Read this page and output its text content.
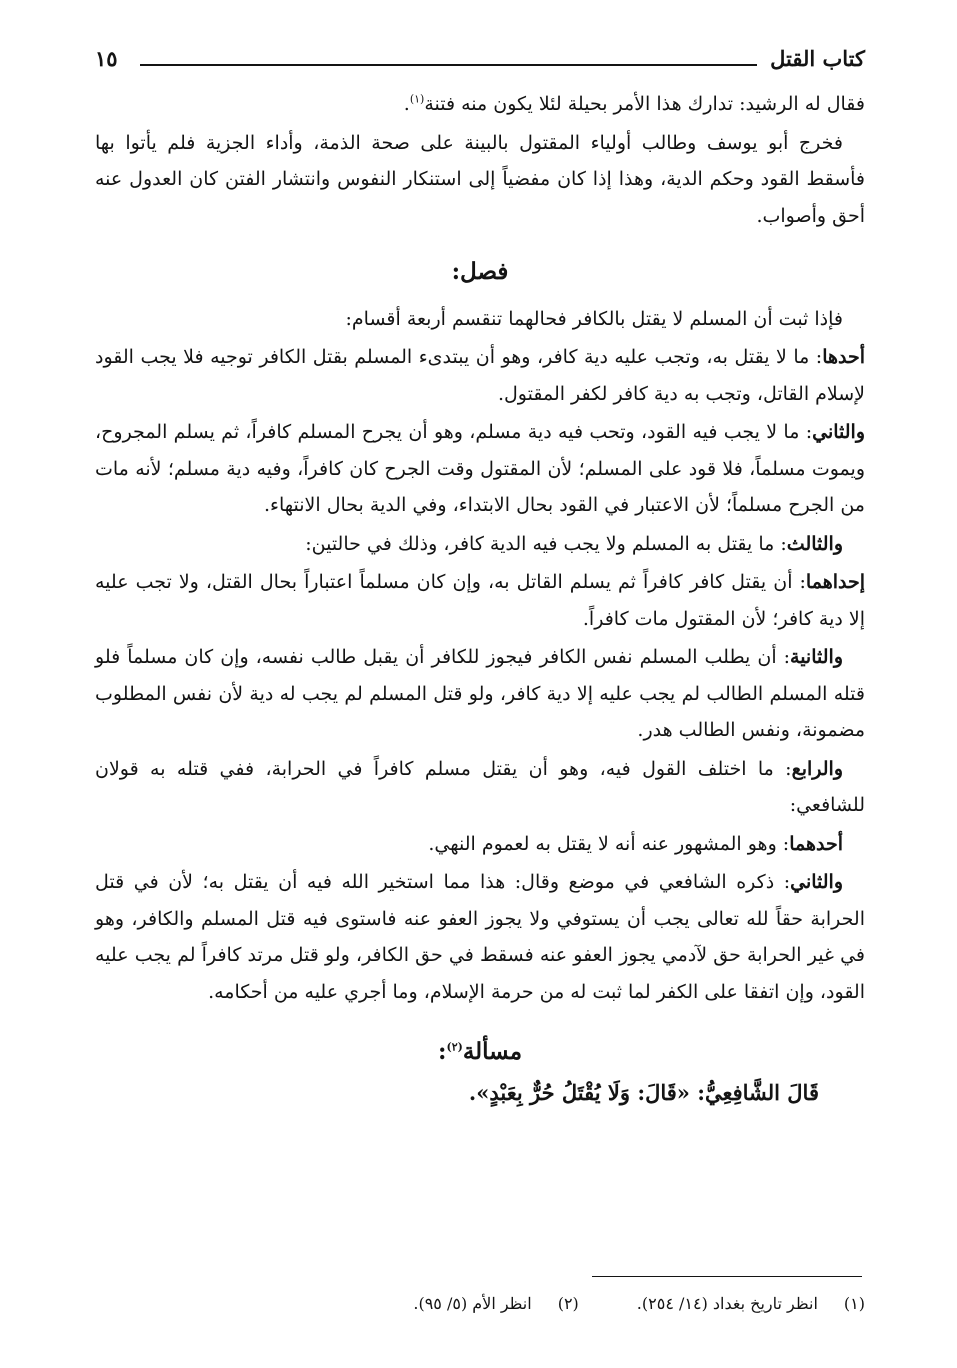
كتاب القتل
١٥

فقال له الرشيد: تدارك هذا الأمر بحيلة لئلا يكون منه فتنة$^{(١)}$.

فخرج أبو يوسف وطالب أولياء المقتول بالبينة على صحة الذمة، وأداء الجزية فلم يأتوا بها فأسقط القود وحكم الدية، وهذا إذا كان مفضياً إلى استنكار النفوس وانتشار الفتن كان العدول عنه أحق وأصواب.

فصل:

فإذا ثبت أن المسلم لا يقتل بالكافر فحالهما تنقسم أربعة أقسام:

أحدها: ما لا يقتل به، وتجب عليه دية كافر، وهو أن يبتدىء المسلم بقتل الكافر توجيه فلا يجب القود لإسلام القاتل، وتجب به دية كافر لكفر المقتول.

والثاني: ما لا يجب فيه القود، وتحب فيه دية مسلم، وهو أن يجرح المسلم كافراً، ثم يسلم المجروح، ويموت مسلماً، فلا قود على المسلم؛ لأن المقتول وقت الجرح كان كافراً، وفيه دية مسلم؛ لأنه مات من الجرح مسلماً؛ لأن الاعتبار في القود بحال الابتداء، وفي الدية بحال الانتهاء.

والثالث: ما يقتل به المسلم ولا يجب فيه الدية كافر، وذلك في حالتين:

إحداهما: أن يقتل كافر كافراً ثم يسلم القاتل به، وإن كان مسلماً اعتباراً بحال القتل، ولا تجب عليه إلا دية كافر؛ لأن المقتول مات كافراً.

والثانية: أن يطلب المسلم نفس الكافر فيجوز للكافر أن يقبل طالب نفسه، وإن كان مسلماً فلو قتله المسلم الطالب لم يجب عليه إلا دية كافر، ولو قتل المسلم لم يجب له دية لأن نفس المطلوب مضمونة، ونفس الطالب هدر.

والرابع: ما اختلف القول فيه، وهو أن يقتل مسلم كافراً في الحرابة، ففي قتله به قولان للشافعي:

أحدهما: وهو المشهور عنه أنه لا يقتل به لعموم النهي.

والثاني: ذكره الشافعي في موضع وقال: هذا مما استخير الله فيه أن يقتل به؛ لأن في قتل الحرابة حقاً لله تعالى يجب أن يستوفي ولا يجوز العفو عنه فاستوى فيه قتل المسلم والكافر، وهو في غير الحرابة حق لآدمي يجوز العفو عنه فسقط في حق الكافر، ولو قتل مرتد كافراً لم يجب عليه القود، وإن اتفقا على الكفر لما ثبت له من حرمة الإسلام، وما أجري عليه من أحكامه.

مسألة$^{(٢)}$:

قَالَ الشَّافِعِيُّ: «قَالَ: وَلَا يُقْتَلُ حُرٌّ بِعَبْدٍ».

(١)انظر تاريخ بغداد (١٤/ ٢٥٤).
(٢)انظر الأم (٥/ ٩٥).
